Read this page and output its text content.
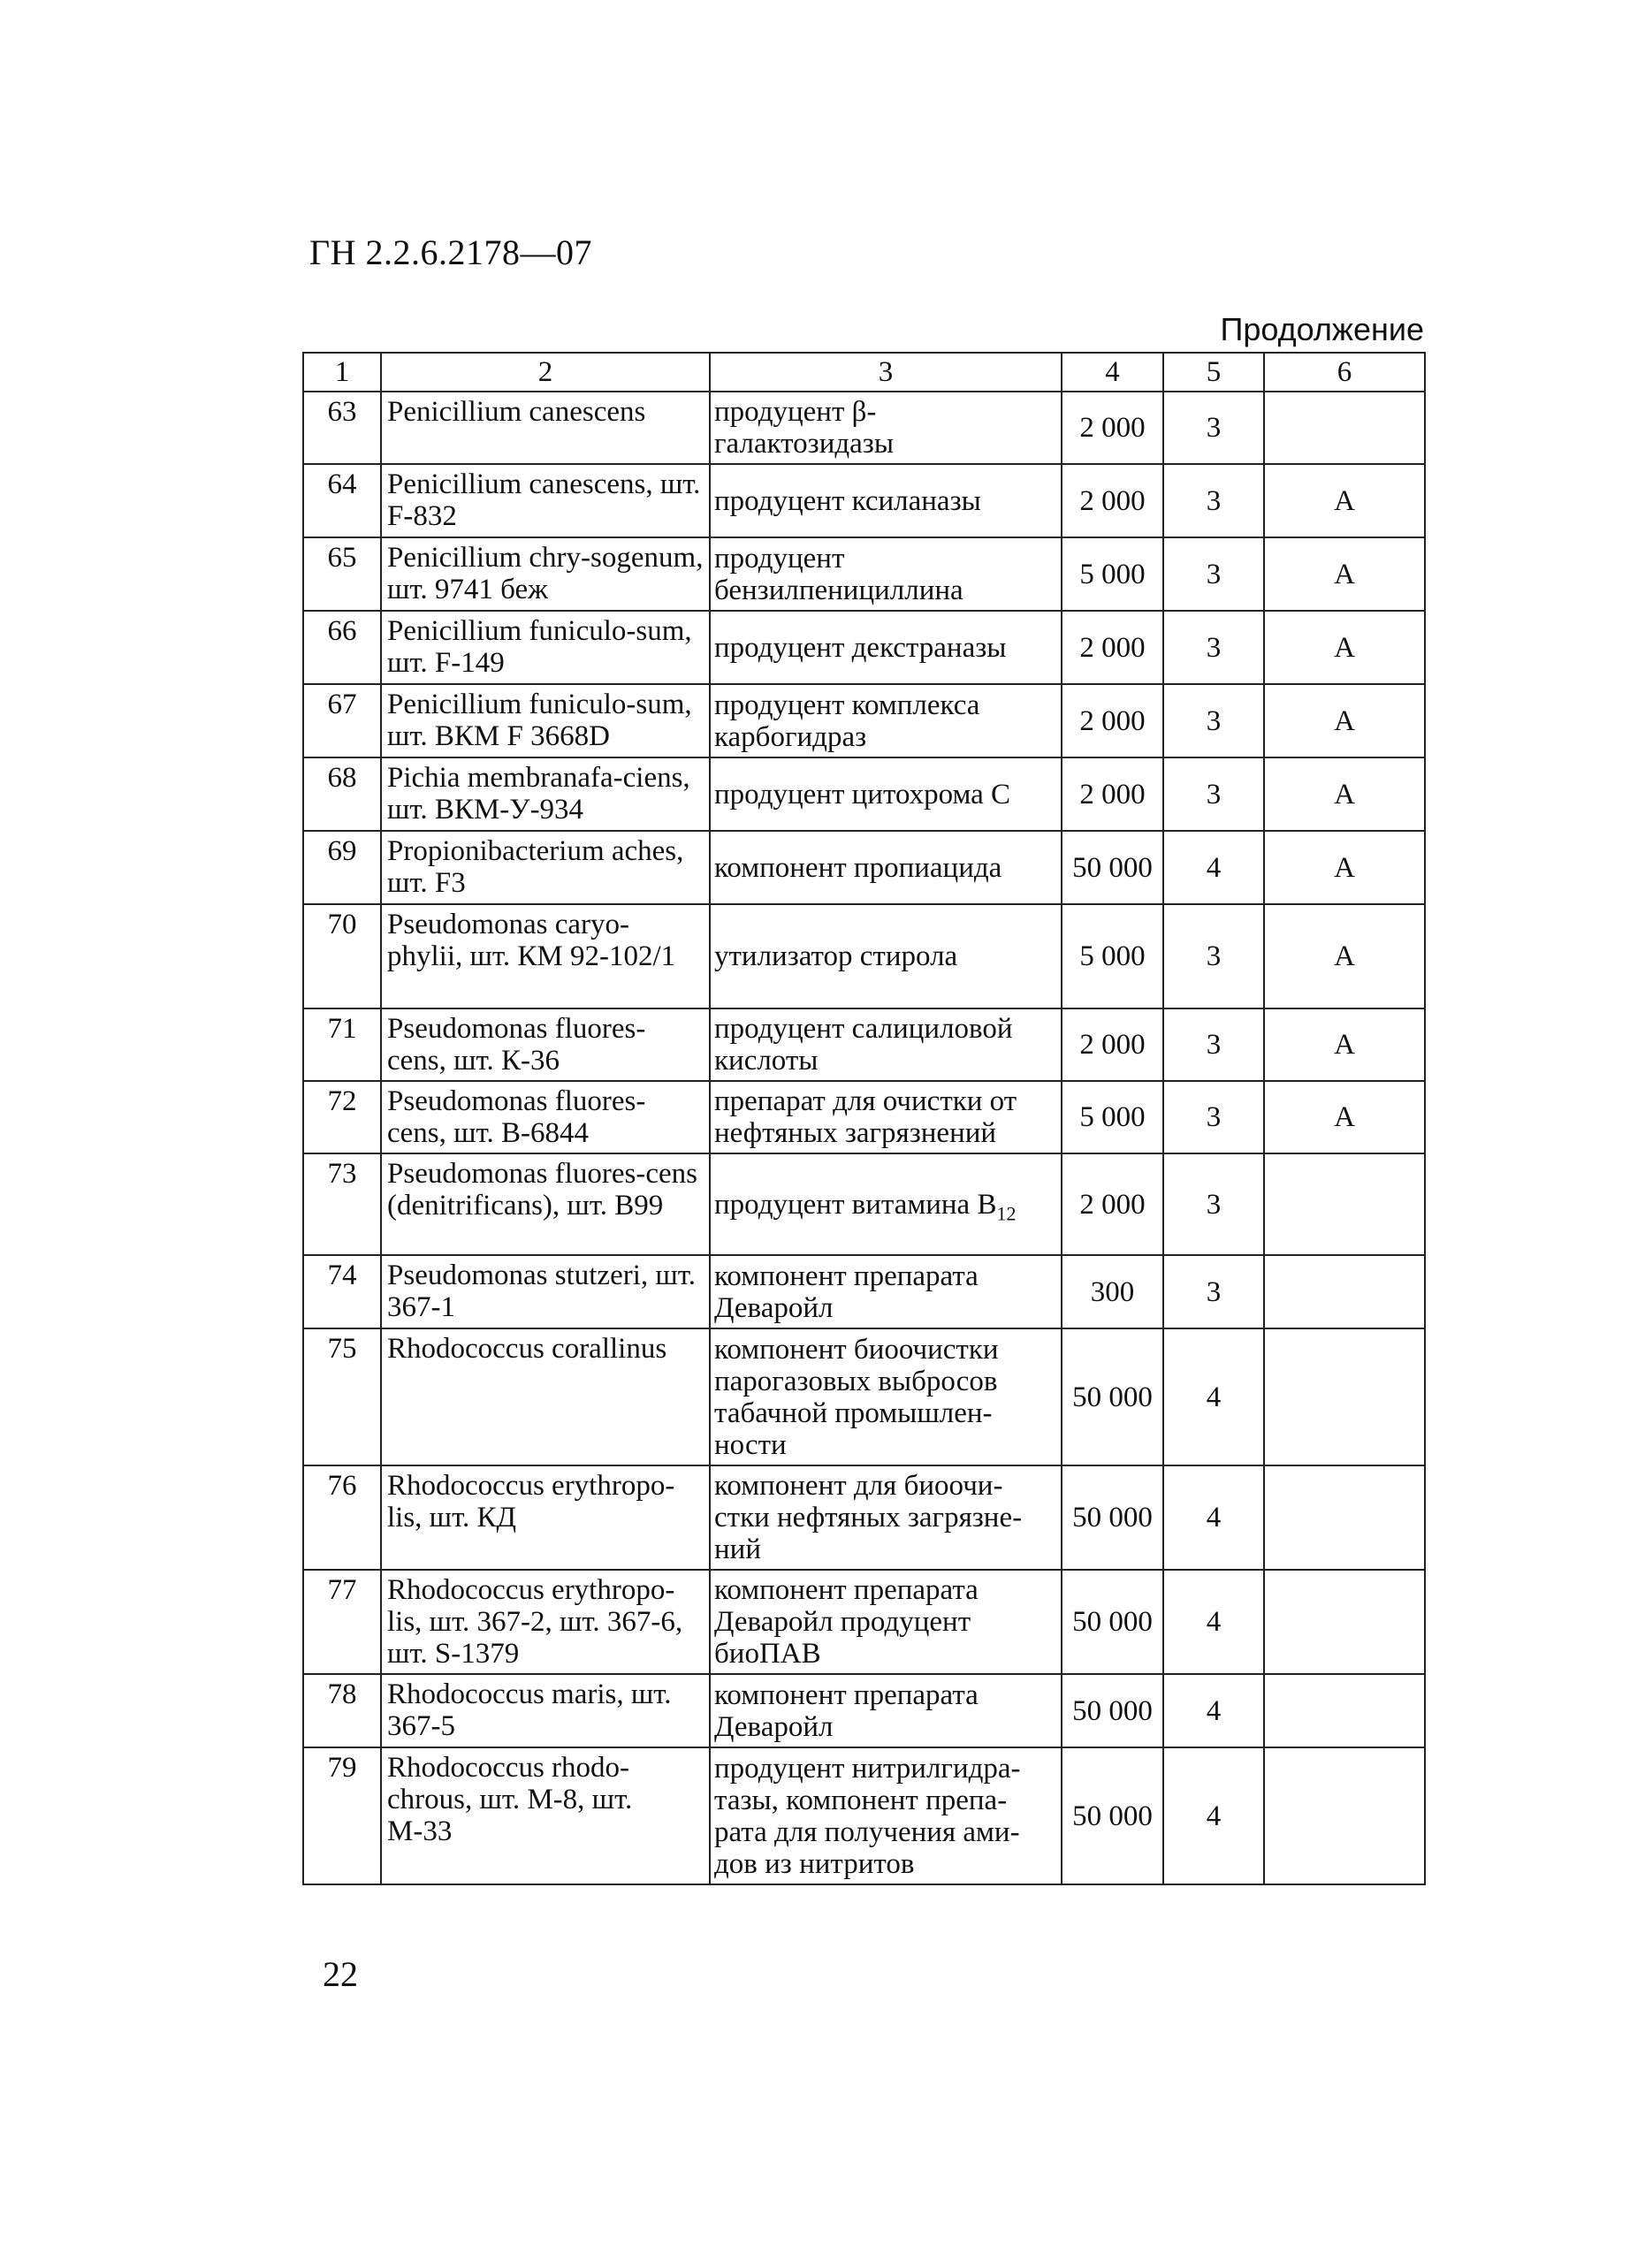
ГН 2.2.6.2178—07
Продолжение
1	2	3	4	5	6
63	Penicillium canescens	продуцент β-галактозидазы	2 000	3	
64	Penicillium canescens, шт. F-832	продуцент ксиланазы	2 000	3	А
65	Penicillium chry-sogenum, шт. 9741 беж	продуцент бензилпенициллина	5 000	3	А
66	Penicillium funiculo-sum, шт. F-149	продуцент декстраназы	2 000	3	А
67	Penicillium funiculo-sum, шт. ВКМ F 3668D	продуцент комплекса карбогидраз	2 000	3	А
68	Pichia membranafa-ciens, шт. ВКМ-У-934	продуцент цитохрома С	2 000	3	А
69	Propionibacterium aches, шт. F3	компонент пропиацида	50 000	4	А
70	Pseudomonas caryo-phylii, шт. КМ 92-102/1	утилизатор стирола	5 000	3	А
71	Pseudomonas fluores-cens, шт. К-36	продуцент салициловой кислоты	2 000	3	А
72	Pseudomonas fluores-cens, шт. B-6844	препарат для очистки от нефтяных загрязнений	5 000	3	А
73	Pseudomonas fluores-cens (denitrificans), шт. B99	продуцент витамина $B_{12}$	2 000	3	
74	Pseudomonas stutzeri, шт. 367-1	компонент препарата Деваройл	300	3	
75	Rhodococcus corallinus	компонент биоочистки парогазовых выбросов табачной промышлен-ности	50 000	4	
76	Rhodococcus erythropo-lis, шт. КД	компонент для биоочи-стки нефтяных загрязне-ний	50 000	4	
77	Rhodococcus erythropo-lis, шт. 367-2, шт. 367-6, шт. S-1379	компонент препарата Деваройл продуцент биоПАВ	50 000	4	
78	Rhodococcus maris, шт. 367-5	компонент препарата Деваройл	50 000	4	
79	Rhodococcus rhodo-chrous, шт. М-8, шт. М-33	продуцент нитрилгидра-тазы, компонент препа-рата для получения ами-дов из нитритов	50 000	4	
22
